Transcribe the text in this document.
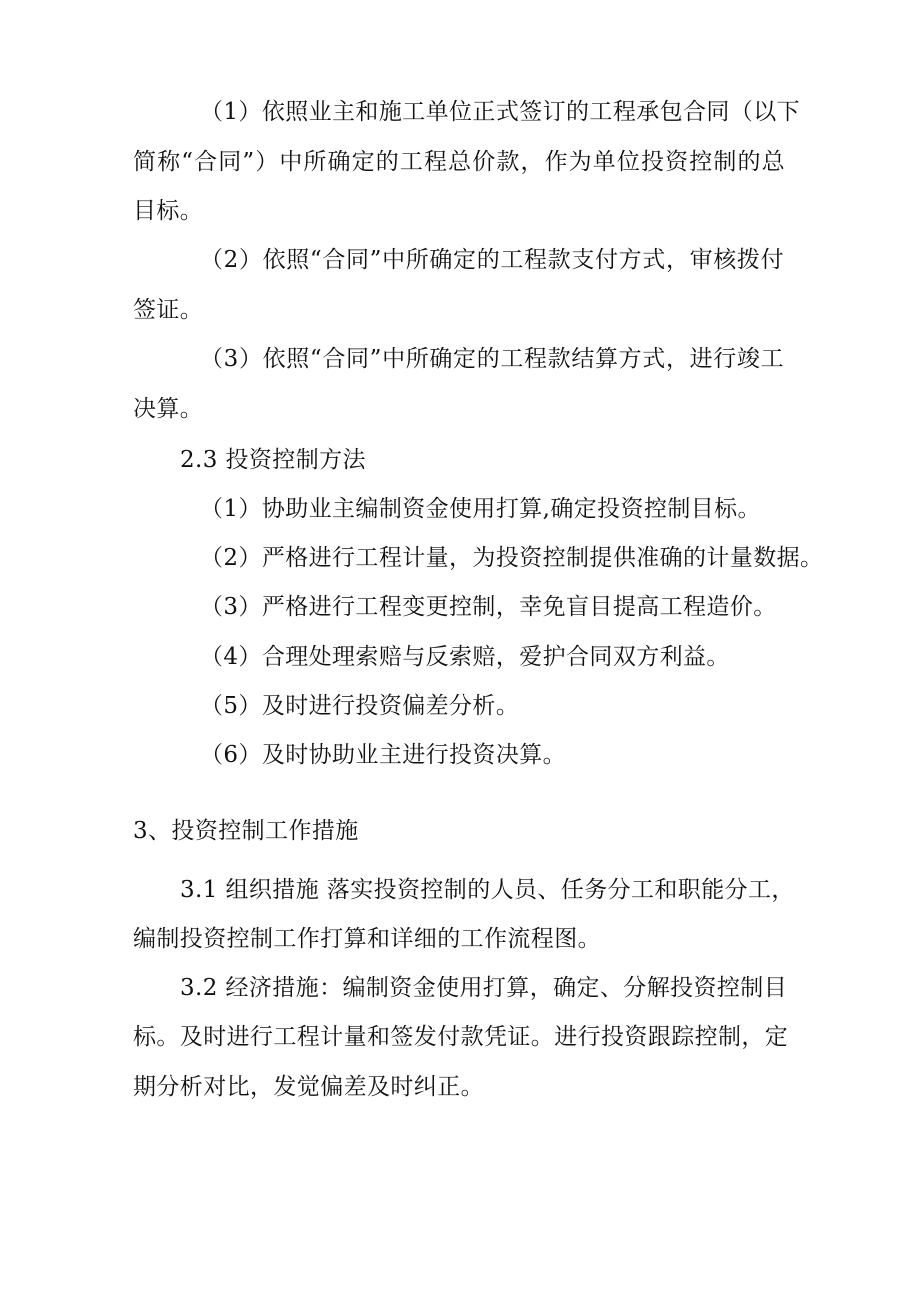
（1）依照业主和施工单位正式签订的工程承包合同（以下
简称“合同”）中所确定的工程总价款，作为单位投资控制的总
目标。
（2）依照“合同”中所确定的工程款支付方式，审核拨付
签证。
（3）依照“合同”中所确定的工程款结算方式，进行竣工
决算。
2.3 投资控制方法
（1）协助业主编制资金使用打算,确定投资控制目标。
（2）严格进行工程计量，为投资控制提供准确的计量数据。
（3）严格进行工程变更控制，幸免盲目提高工程造价。
（4）合理处理索赔与反索赔，爱护合同双方利益。
（5）及时进行投资偏差分析。
（6）及时协助业主进行投资决算。
3、投资控制工作措施
3.1 组织措施 落实投资控制的人员、任务分工和职能分工，
编制投资控制工作打算和详细的工作流程图。
3.2 经济措施：编制资金使用打算，确定、分解投资控制目
标。及时进行工程计量和签发付款凭证。进行投资跟踪控制，定
期分析对比，发觉偏差及时纠正。
